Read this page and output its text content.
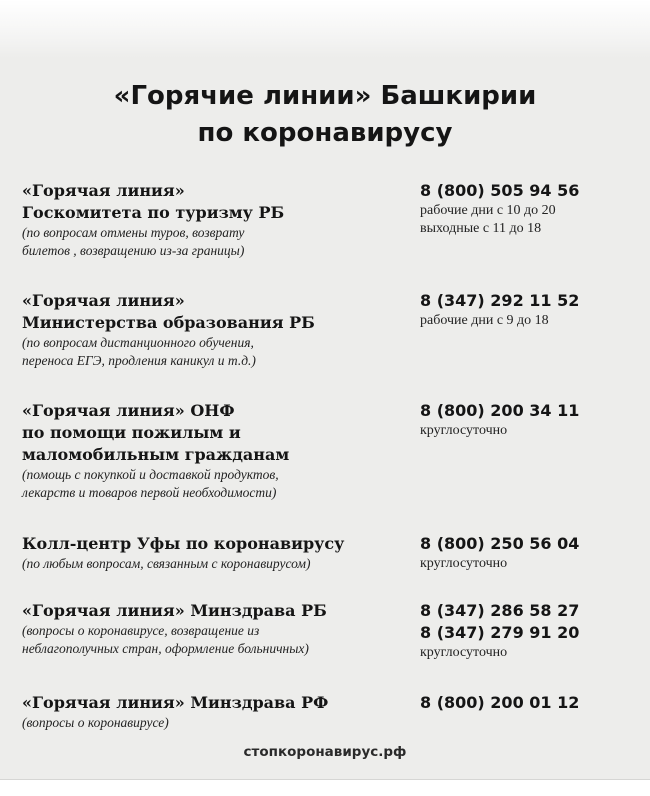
«Горячие линии» Башкирии
по коронавирусу
«Горячая линия»
Госкомитета по туризму РБ
(по вопросам отмены туров, возврату
билетов , возвращению из-за границы)
8 (800) 505 94 56
рабочие дни с 10 до 20
выходные с 11 до 18
«Горячая линия»
Министерства образования РБ
(по вопросам дистанционного обучения,
переноса ЕГЭ, продления каникул и т.д.)
8 (347) 292 11 52
рабочие дни с 9 до 18
«Горячая линия» ОНФ
по помощи пожилым и
маломобильным гражданам
(помощь с покупкой и доставкой продуктов,
лекарств и товаров первой необходимости)
8 (800) 200 34 11
круглосуточно
Колл-центр Уфы по коронавирусу
(по любым вопросам, связанным с коронавирусом)
8 (800) 250 56 04
круглосуточно
«Горячая линия» Минздрава РБ
(вопросы о коронавирусе, возвращение из
неблагополучных стран, оформление больничных)
8 (347) 286 58 27
8 (347) 279 91 20
круглосуточно
«Горячая линия» Минздрава РФ
(вопросы о коронавирусе)
8 (800) 200 01 12
стопкоронавирус.рф
